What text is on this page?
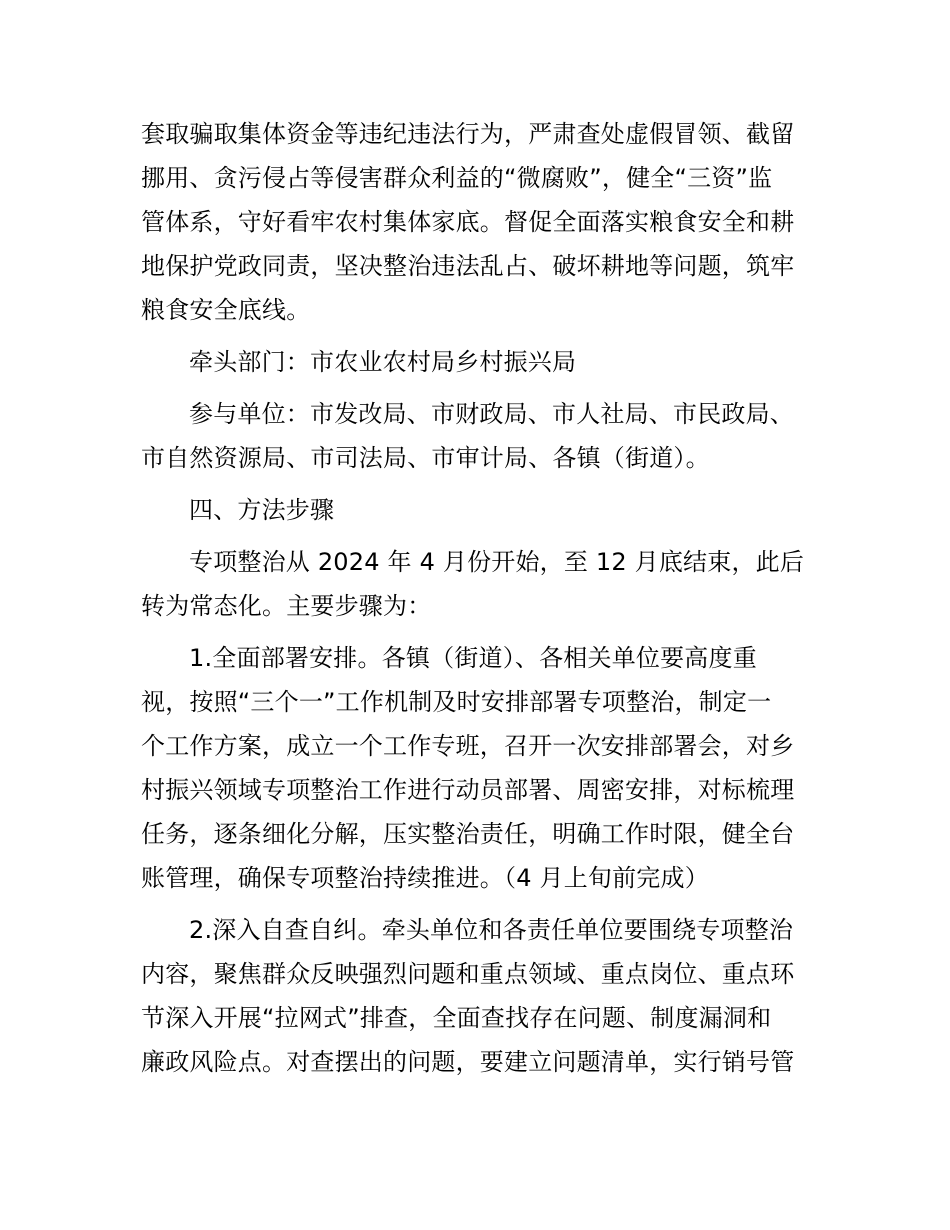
套取骗取集体资金等违纪违法行为，严肃查处虚假冒领、截留
挪用、贪污侵占等侵害群众利益的“微腐败”，健全“三资”监
管体系，守好看牢农村集体家底。督促全面落实粮食安全和耕
地保护党政同责，坚决整治违法乱占、破坏耕地等问题，筑牢
粮食安全底线。
牵头部门：市农业农村局乡村振兴局
参与单位：市发改局、市财政局、市人社局、市民政局、
市自然资源局、市司法局、市审计局、各镇（街道）。
四、方法步骤
专项整治从 2024 年 4 月份开始，至 12 月底结束，此后
转为常态化。主要步骤为：
1.全面部署安排。各镇（街道）、各相关单位要高度重
视，按照“三个一”工作机制及时安排部署专项整治，制定一
个工作方案，成立一个工作专班，召开一次安排部署会，对乡
村振兴领域专项整治工作进行动员部署、周密安排，对标梳理
任务，逐条细化分解，压实整治责任，明确工作时限，健全台
账管理，确保专项整治持续推进。（4 月上旬前完成）
2.深入自查自纠。牵头单位和各责任单位要围绕专项整治
内容，聚焦群众反映强烈问题和重点领域、重点岗位、重点环
节深入开展“拉网式”排查，全面查找存在问题、制度漏洞和
廉政风险点。对查摆出的问题，要建立问题清单，实行销号管
